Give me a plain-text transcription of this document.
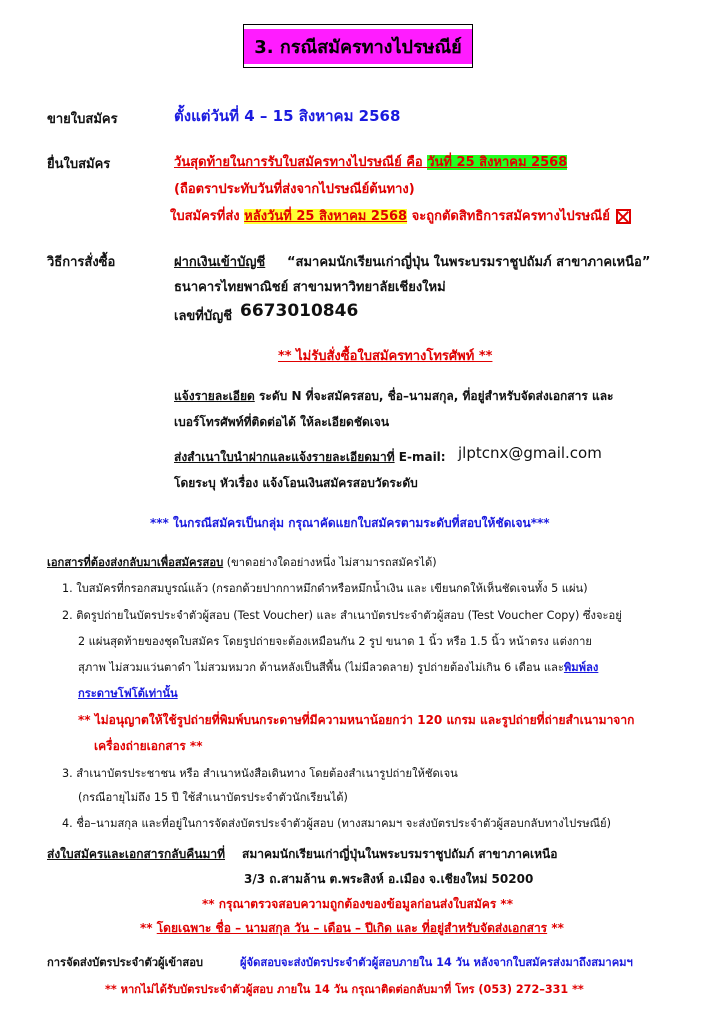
3. กรณีสมัครทางไปรษณีย์
ขายใบสมัคร	ตั้งแต่วันที่ 4 – 15 สิงหาคม 2568
ยื่นใบสมัคร	วันสุดท้ายในการรับใบสมัครทางไปรษณีย์ คือ วันที่ 25 สิงหาคม 2568
(ถือตราประทับวันที่ส่งจากไปรษณีย์ต้นทาง)
ใบสมัครที่ส่ง หลังวันที่ 25 สิงหาคม 2568 จะถูกตัดสิทธิการสมัครทางไปรษณีย์
วิธีการสั่งซื้อ	ฝากเงินเข้าบัญชี “สมาคมนักเรียนเก่าญี่ปุ่น ในพระบรมราชูปถัมภ์ สาขาภาคเหนือ”
ธนาคารไทยพาณิชย์ สาขามหาวิทยาลัยเชียงใหม่
เลขที่บัญชี 6673010846
** ไม่รับสั่งซื้อใบสมัครทางโทรศัพท์ **
แจ้งรายละเอียด ระดับ N ที่จะสมัครสอบ, ชื่อ–นามสกุล, ที่อยู่สำหรับจัดส่งเอกสาร และ
เบอร์โทรศัพท์ที่ติดต่อได้ ให้ละเอียดชัดเจน
ส่งสำเนาใบนำฝากและแจ้งรายละเอียดมาที่ E-mail: jlptcnx@gmail.com
โดยระบุ หัวเรื่อง แจ้งโอนเงินสมัครสอบวัดระดับ
*** ในกรณีสมัครเป็นกลุ่ม กรุณาคัดแยกใบสมัครตามระดับที่สอบให้ชัดเจน***
เอกสารที่ต้องส่งกลับมาเพื่อสมัครสอบ (ขาดอย่างใดอย่างหนึ่ง ไม่สามารถสมัครได้)
1. ใบสมัครที่กรอกสมบูรณ์แล้ว (กรอกด้วยปากกาหมึกดำหรือหมึกน้ำเงิน และ เขียนกดให้เห็นชัดเจนทั้ง 5 แผ่น)
2. ติดรูปถ่ายในบัตรประจำตัวผู้สอบ (Test Voucher) และ สำเนาบัตรประจำตัวผู้สอบ (Test Voucher Copy) ซึ่งจะอยู่
2 แผ่นสุดท้ายของชุดใบสมัคร โดยรูปถ่ายจะต้องเหมือนกัน 2 รูป ขนาด 1 นิ้ว หรือ 1.5 นิ้ว หน้าตรง แต่งกาย
สุภาพ ไม่สวมแว่นตาดำ ไม่สวมหมวก ด้านหลังเป็นสีพื้น (ไม่มีลวดลาย) รูปถ่ายต้องไม่เกิน 6 เดือน และพิมพ์ลง
กระดาษโฟโต้เท่านั้น
** ไม่อนุญาตให้ใช้รูปถ่ายที่พิมพ์บนกระดาษที่มีความหนาน้อยกว่า 120 แกรม และรูปถ่ายที่ถ่ายสำเนามาจาก
เครื่องถ่ายเอกสาร **
3. สำเนาบัตรประชาชน หรือ สำเนาหนังสือเดินทาง โดยต้องสำเนารูปถ่ายให้ชัดเจน
(กรณีอายุไม่ถึง 15 ปี ใช้สำเนาบัตรประจำตัวนักเรียนได้)
4. ชื่อ–นามสกุล และที่อยู่ในการจัดส่งบัตรประจำตัวผู้สอบ (ทางสมาคมฯ จะส่งบัตรประจำตัวผู้สอบกลับทางไปรษณีย์)
ส่งใบสมัครและเอกสารกลับคืนมาที่ สมาคมนักเรียนเก่าญี่ปุ่นในพระบรมราชูปถัมภ์ สาขาภาคเหนือ
3/3 ถ.สามล้าน ต.พระสิงห์ อ.เมือง จ.เชียงใหม่ 50200
** กรุณาตรวจสอบความถูกต้องของข้อมูลก่อนส่งใบสมัคร **
** โดยเฉพาะ ชื่อ – นามสกุล วัน – เดือน – ปีเกิด และ ที่อยู่สำหรับจัดส่งเอกสาร **
การจัดส่งบัตรประจำตัวผู้เข้าสอบ	ผู้จัดสอบจะส่งบัตรประจำตัวผู้สอบภายใน 14 วัน หลังจากใบสมัครส่งมาถึงสมาคมฯ
** หากไม่ได้รับบัตรประจำตัวผู้สอบ ภายใน 14 วัน กรุณาติดต่อกลับมาที่ โทร (053) 272–331 **
